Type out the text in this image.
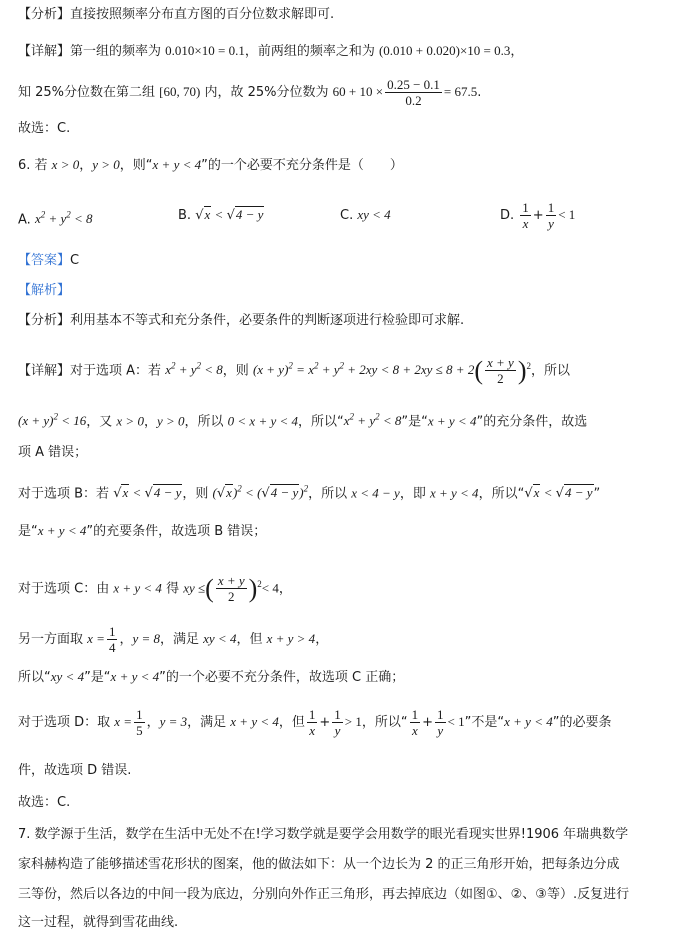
【分析】直接按照频率分布直方图的百分位数求解即可.
【详解】第一组的频率为 0.010×10 = 0.1，前两组的频率之和为 (0.010 + 0.020)×10 = 0.3，
知 25%分位数在第二组 [60, 70) 内，故 25%分位数为 $60 + 10 \times \frac{0.25 - 0.1}{0.2} = 67.5$.
故选：C.
6. 若 x > 0，y > 0，则“x + y < 4”的一个必要不充分条件是（　　）
A. $x^2 + y^2 < 8$	B. √x < √4 − y	C. xy < 4	D. $\frac{1}{x} + \frac{1}{y} < 1$
【答案】C
【解析】
【分析】利用基本不等式和充分条件，必要条件的判断逐项进行检验即可求解.
【详解】对于选项 A：若 $x^2 + y^2 < 8$，则 $(x + y)^2 = x^2 + y^2 + 2xy < 8 + 2xy \le 8 + 2( \frac{x + y}{2} )^2$，所以
$(x + y)^2 < 16$，又 x > 0，y > 0，所以 0 < x + y < 4，所以“$x^2 + y^2 < 8$”是“x + y < 4”的充分条件，故选
项 A 错误；
对于选项 B：若 √x < √4 − y，则 $(√x)^2 < (√4 - y)^2$，所以 x < 4 − y，即 x + y < 4，所以“√x < √4 − y”
是“x + y < 4”的充要条件，故选项 B 错误；
对于选项 C：由 x + y < 4 得 xy ≤( $\frac{x + y}{2} )^2< 4$，
另一方面取 $x = \frac{1}{4}$ ，y = 8，满足 xy < 4，但 x + y > 4，
所以“xy < 4”是“x + y < 4”的一个必要不充分条件，故选项 C 正确；
对于选项 D：取 $x = \frac{1}{5}$ ，y = 3，满足 x + y < 4，但 $\frac{1}{x} + \frac{1}{y} > 1$，所以“ $\frac{1}{x} + \frac{1}{y} < 1$”不是“x + y < 4”的必要条
件，故选项 D 错误.
故选：C.
7. 数学源于生活，数学在生活中无处不在!学习数学就是要学会用数学的眼光看现实世界!1906 年瑞典数学
家科赫构造了能够描述雪花形状的图案，他的做法如下：从一个边长为 2 的正三角形开始，把每条边分成
三等份，然后以各边的中间一段为底边，分别向外作正三角形，再去掉底边（如图①、②、③等）.反复进行
这一过程，就得到雪花曲线.
